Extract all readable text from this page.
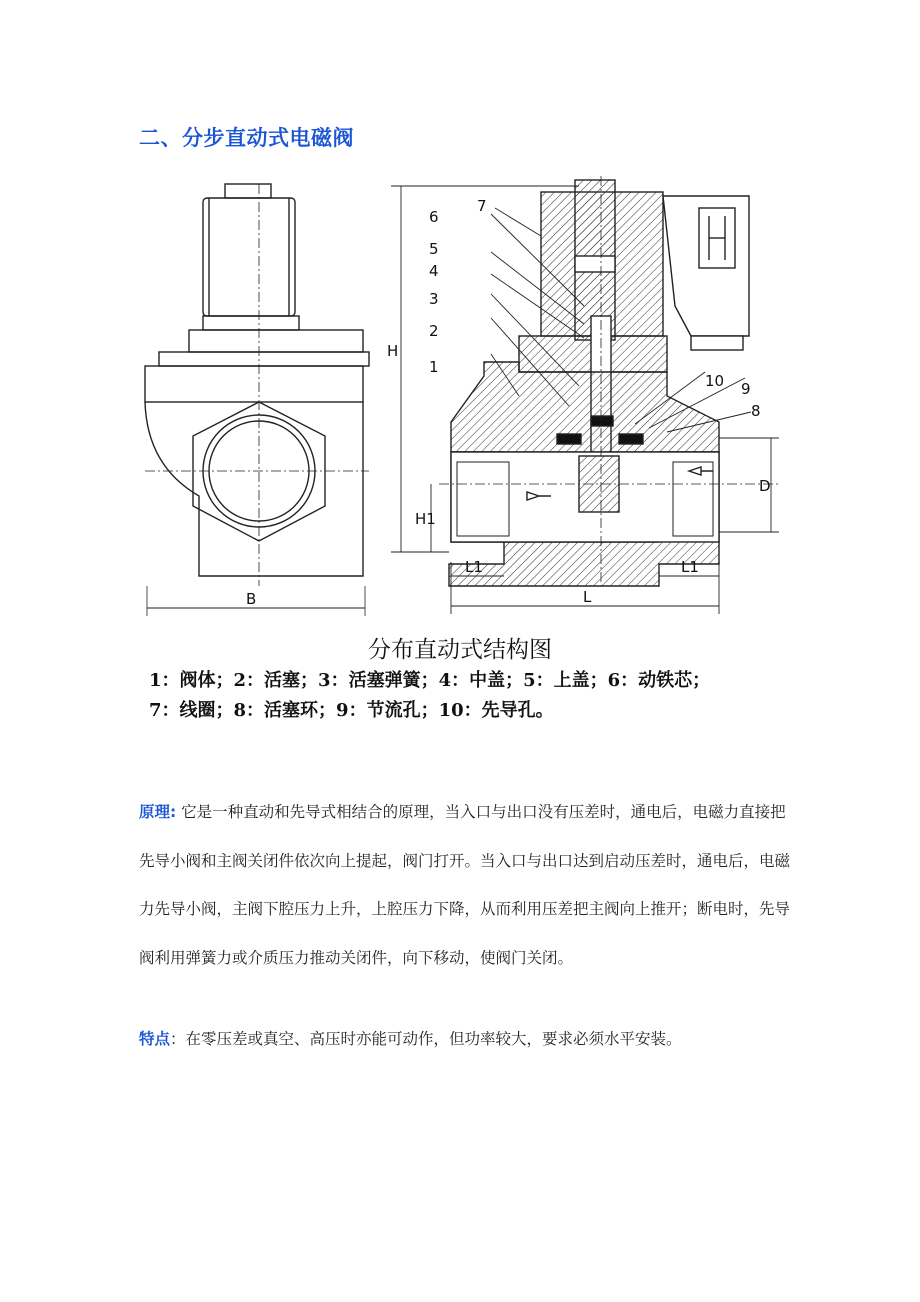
二、分步直动式电磁阀
B
7
6
5
4
3
2
1
10 9
8
H
H1
D
L1	L1
L
分布直动式结构图
1：阀体；2：活塞；3：活塞弹簧；4：中盖；5：上盖；6：动铁芯；
7：线圈；8：活塞环；9：节流孔；10：先导孔。
原理: 它是一种直动和先导式相结合的原理，当入口与出口没有压差时，通电后，电磁力直接把先导小阀和主阀关闭件依次向上提起，阀门打开。当入口与出口达到启动压差时，通电后，电磁力先导小阀，主阀下腔压力上升，上腔压力下降，从而利用压差把主阀向上推开；断电时，先导阀利用弹簧力或介质压力推动关闭件，向下移动，使阀门关闭。
特点：在零压差或真空、高压时亦能可动作，但功率较大，要求必须水平安装。
